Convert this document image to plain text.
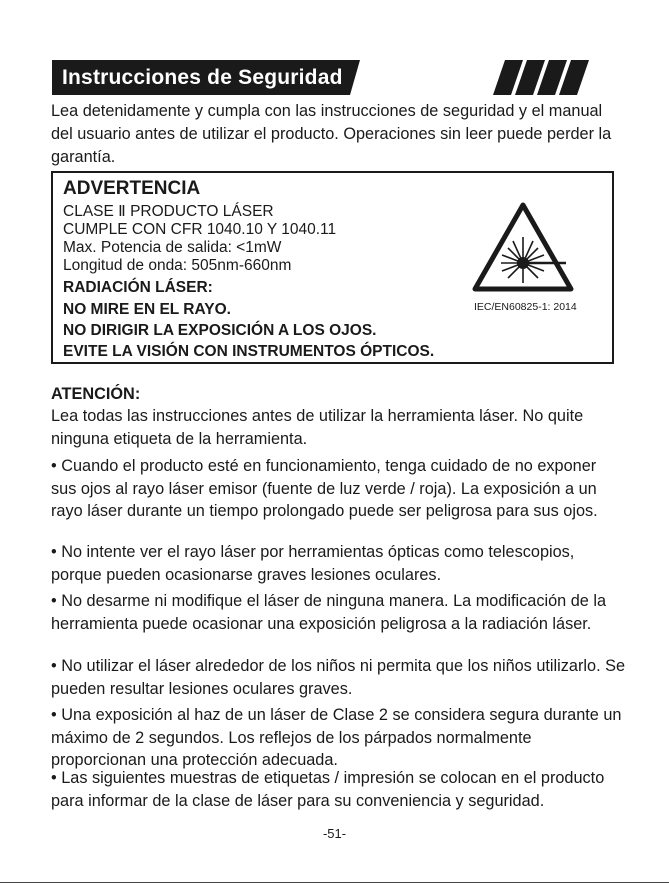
Instrucciones de Seguridad
Lea detenidamente y cumpla con las instrucciones de seguridad y el manual del usuario antes de utilizar el producto. Operaciones sin leer puede perder la garantía.
ADVERTENCIA
CLASE Ⅱ PRODUCTO LÁSER
CUMPLE CON CFR 1040.10 Y 1040.11
Max. Potencia de salida: <1mW
Longitud de onda: 505nm-660nm
RADIACIÓN LÁSER:
NO MIRE EN EL RAYO.
NO DIRIGIR LA EXPOSICIÓN A LOS OJOS.
EVITE LA VISIÓN CON INSTRUMENTOS ÓPTICOS.
IEC/EN60825-1: 2014
ATENCIÓN:
Lea todas las instrucciones antes de utilizar la herramienta láser. No quite ninguna etiqueta de la herramienta.
• Cuando el producto esté en funcionamiento, tenga cuidado de no exponer sus ojos al rayo láser emisor (fuente de luz verde / roja). La exposición a un rayo láser durante un tiempo prolongado puede ser peligrosa para sus ojos.
• No intente ver el rayo láser por herramientas ópticas como telescopios, porque pueden ocasionarse graves lesiones oculares.
• No desarme ni modifique el láser de ninguna manera. La modificación de la herramienta puede ocasionar una exposición peligrosa a la radiación láser.
• No utilizar el láser alrededor de los niños ni permita que los niños utilizarlo. Se pueden resultar lesiones oculares graves.
• Una exposición al haz de un láser de Clase 2 se considera segura durante un máximo de 2 segundos. Los reflejos de los párpados normalmente proporcionan una protección adecuada.
• Las siguientes muestras de etiquetas / impresión se colocan en el producto para informar de la clase de láser para su conveniencia y seguridad.
-51-
